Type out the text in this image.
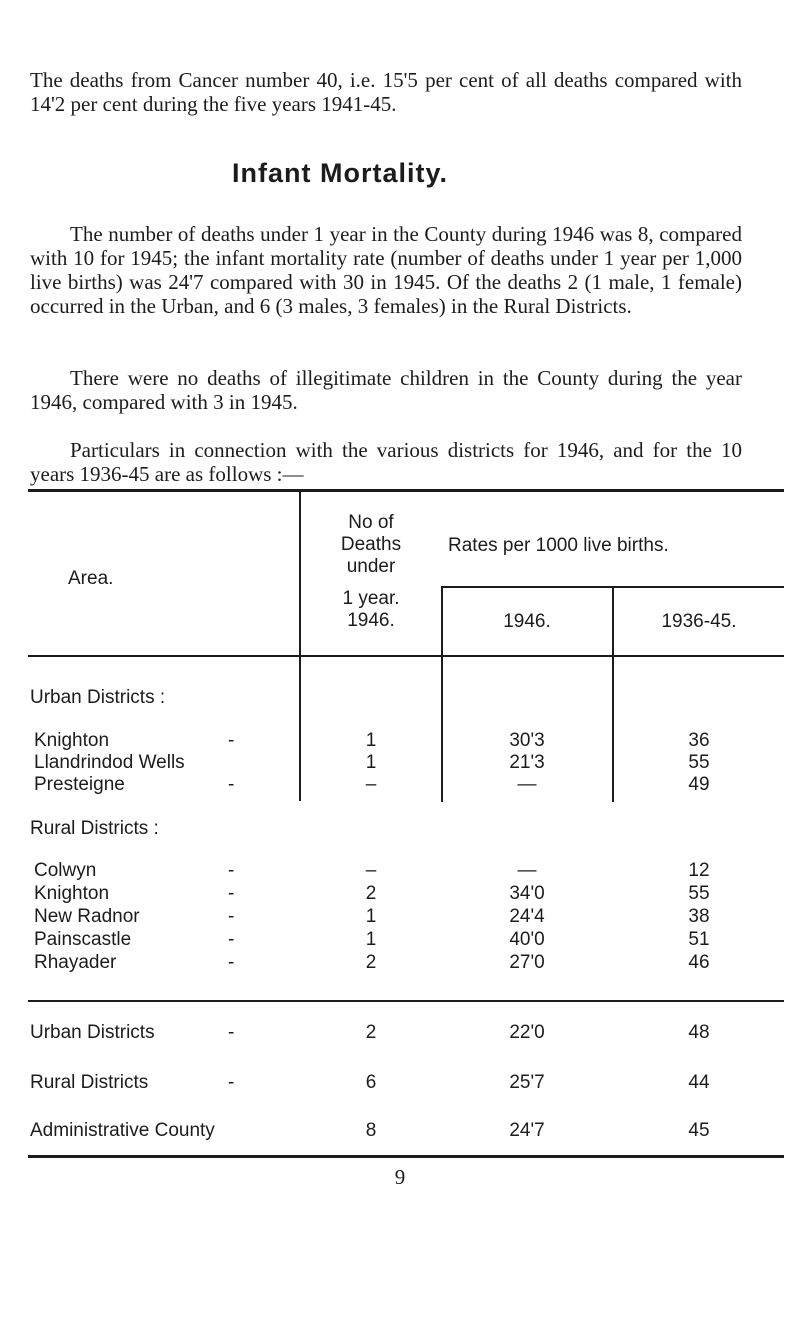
The deaths from Cancer number 40, i.e. 15'5 per cent of all deaths compared with 14'2 per cent during the five years 1941-45.

Infant Mortality.

The number of deaths under 1 year in the County during 1946 was 8, compared with 10 for 1945; the infant mortality rate (number of deaths under 1 year per 1,000 live births) was 24'7 compared with 30 in 1945. Of the deaths 2 (1 male, 1 female) occurred in the Urban, and 6 (3 males, 3 females) in the Rural Districts.

There were no deaths of illegitimate children in the County during the year 1946, compared with 3 in 1945.

Particulars in connection with the various districts for 1946, and for the 10 years 1936-45 are as follows :—

Area.
No of
Deaths
under
1 year.
1946.
Rates per 1000 live births.
1946.	1936-45.
Urban Districts :
Knighton	-	1	30'3	36
Llandrindod Wells	1	21'3	55
Presteigne	-	–	—	49
Rural Districts :
Colwyn	-	–	—	12
Knighton	-	2	34'0	55
New Radnor	-	1	24'4	38
Painscastle	-	1	40'0	51
Rhayader	-	2	27'0	46
Urban Districts	-	2	22'0	48
Rural Districts	-	6	25'7	44
Administrative County	8	24'7	45
9
